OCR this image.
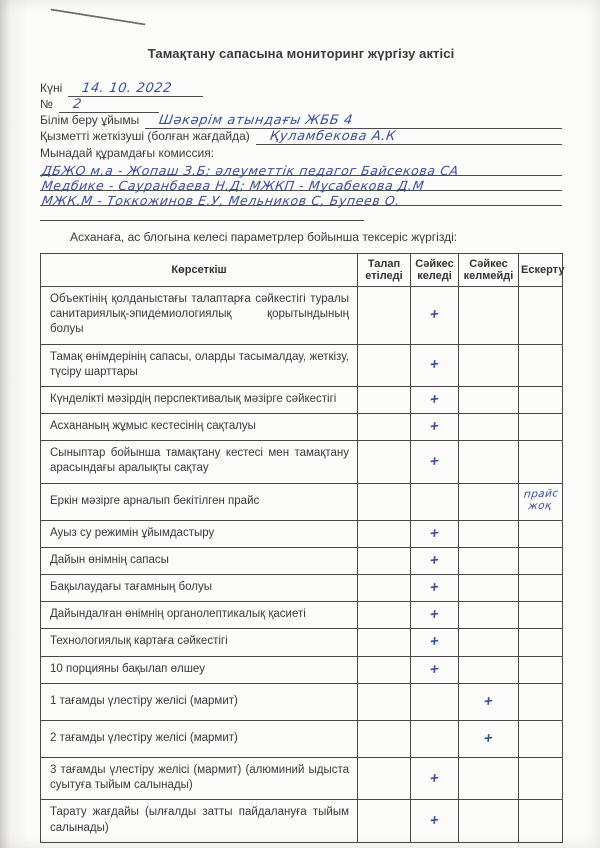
Тамақтану сапасына мониторинг жүргізу актісі
Күні	14. 10. 2022
№	2
Білім беру ұйымы	Шәкәрім атындағы ЖББ 4
Қызметті жеткізуші (болған жағдайда)	Қуламбекова А.К
Мынадай құрамдағы комиссия:
ДБЖО м.а - Жопаш З.Б; әлеуметтік педагог Байсекова СА
Медбике - Сауранбаева Н.Д; МЖКП - Мұсабекова Д.М
МЖК.М - Токкожинов Е.У, Мельников С, Бупеев О.

Асханаға, ас блогына келесі параметрлер бойынша тексеріс жүргізді:

Көрсеткіш	Талап етіледі	Сәйкес келеді	Сәйкес келмейді	Ескерту
Объектінің қолданыстағы талаптарға сәйкестігі туралы санитариялық-эпидемиологиялық қорытындының болуы		+		
Тамақ өнімдерінің сапасы, оларды тасымалдау, жеткізу, түсіру шарттары		+		
Күнделікті мәзірдің перспективалық мәзірге сәйкестігі		+		
Асхананың жұмыс кестесінің сақталуы		+		
Сыныптар бойынша тамақтану кестесі мен тамақтану арасындағы аралықты сақтау		+		
Еркін мәзірге арналып бекітілген прайс				прайс жоқ
Ауыз су режимін ұйымдастыру		+		
Дайын өнімнің сапасы		+		
Бақылаудағы тағамның болуы		+		
Дайындалған өнімнің органолептикалық қасиеті		+		
Технологиялық картаға сәйкестігі		+		
10 порцияны бақылап өлшеу		+		
1 тағамды үлестіру желісі (мармит)			+	
2 тағамды үлестіру желісі (мармит)			+	
3 тағамды үлестіру желісі (мармит) (алюминий ыдыста суытуға тыйым салынады)		+		
Тарату жағдайы (ылғалды затты пайдалануға тыйым салынады)		+		
